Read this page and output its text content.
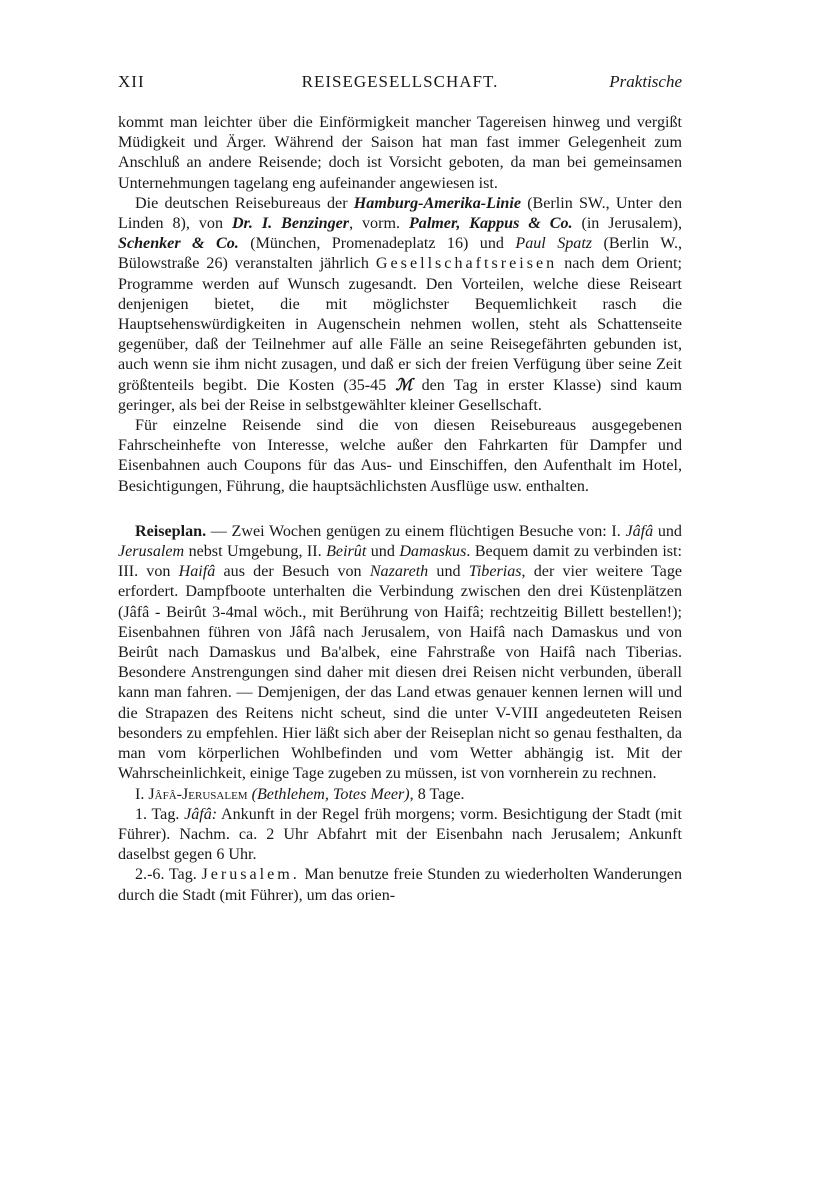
XII	REISEGESELLSCHAFT.	Praktische

kommt man leichter über die Einförmigkeit mancher Tagereisen hinweg und vergißt Müdigkeit und Ärger. Während der Saison hat man fast immer Gelegenheit zum Anschluß an andere Reisende; doch ist Vorsicht geboten, da man bei gemeinsamen Unternehmungen tagelang eng aufeinander angewiesen ist.

Die deutschen Reisebureaus der Hamburg-Amerika-Linie (Berlin SW., Unter den Linden 8), von Dr. I. Benzinger, vorm. Palmer, Kappus & Co. (in Jerusalem), Schenker & Co. (München, Promenadeplatz 16) und Paul Spatz (Berlin W., Bülowstraße 26) veranstalten jährlich Gesellschaftsreisen nach dem Orient; Programme werden auf Wunsch zugesandt. Den Vorteilen, welche diese Reiseart denjenigen bietet, die mit möglichster Bequemlichkeit rasch die Hauptsehenswürdigkeiten in Augenschein nehmen wollen, steht als Schattenseite gegenüber, daß der Teilnehmer auf alle Fälle an seine Reisegefährten gebunden ist, auch wenn sie ihm nicht zusagen, und daß er sich der freien Verfügung über seine Zeit größtenteils begibt. Die Kosten (35-45 ℳ den Tag in erster Klasse) sind kaum geringer, als bei der Reise in selbstgewählter kleiner Gesellschaft.

Für einzelne Reisende sind die von diesen Reisebureaus ausgegebenen Fahrscheinhefte von Interesse, welche außer den Fahrkarten für Dampfer und Eisenbahnen auch Coupons für das Aus- und Einschiffen, den Aufenthalt im Hotel, Besichtigungen, Führung, die hauptsächlichsten Ausflüge usw. enthalten.

Reiseplan. — Zwei Wochen genügen zu einem flüchtigen Besuche von: I. Jâfâ und Jerusalem nebst Umgebung, II. Beirût und Damaskus. Bequem damit zu verbinden ist: III. von Haifâ aus der Besuch von Nazareth und Tiberias, der vier weitere Tage erfordert. Dampfboote unterhalten die Verbindung zwischen den drei Küstenplätzen (Jâfâ - Beirût 3-4mal wöch., mit Berührung von Haifâ; rechtzeitig Billett bestellen!); Eisenbahnen führen von Jâfâ nach Jerusalem, von Haifâ nach Damaskus und von Beirût nach Damaskus und Ba'albek, eine Fahrstraße von Haifâ nach Tiberias. Besondere Anstrengungen sind daher mit diesen drei Reisen nicht verbunden, überall kann man fahren. — Demjenigen, der das Land etwas genauer kennen lernen will und die Strapazen des Reitens nicht scheut, sind die unter V-VIII angedeuteten Reisen besonders zu empfehlen. Hier läßt sich aber der Reiseplan nicht so genau festhalten, da man vom körperlichen Wohlbefinden und vom Wetter abhängig ist. Mit der Wahrscheinlichkeit, einige Tage zugeben zu müssen, ist von vornherein zu rechnen.

I. Jâfâ-Jerusalem (Bethlehem, Totes Meer), 8 Tage.

1. Tag. Jâfâ: Ankunft in der Regel früh morgens; vorm. Besichtigung der Stadt (mit Führer). Nachm. ca. 2 Uhr Abfahrt mit der Eisenbahn nach Jerusalem; Ankunft daselbst gegen 6 Uhr.

2.-6. Tag. Jerusalem. Man benutze freie Stunden zu wiederholten Wanderungen durch die Stadt (mit Führer), um das orien-
